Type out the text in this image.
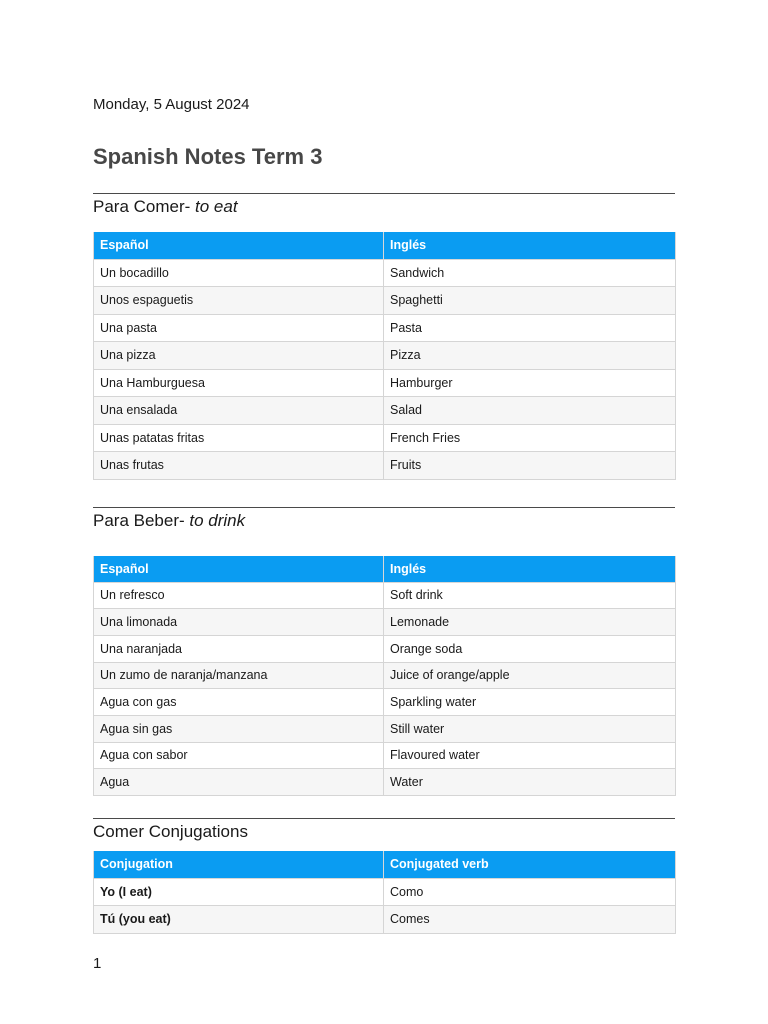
Monday, 5 August 2024
Spanish Notes Term 3
Para Comer- to eat
Español	Inglés
Un bocadillo	Sandwich
Unos espaguetis	Spaghetti
Una pasta	Pasta
Una pizza	Pizza
Una Hamburguesa	Hamburger
Una ensalada	Salad
Unas patatas fritas	French Fries
Unas frutas	Fruits
Para Beber- to drink
Español	Inglés
Un refresco	Soft drink
Una limonada	Lemonade
Una naranjada	Orange soda
Un zumo de naranja/manzana	Juice of orange/apple
Agua con gas	Sparkling water
Agua sin gas	Still water
Agua con sabor	Flavoured water
Agua	Water
Comer Conjugations
Conjugation	Conjugated verb
Yo (I eat)	Como
Tú (you eat)	Comes
1
